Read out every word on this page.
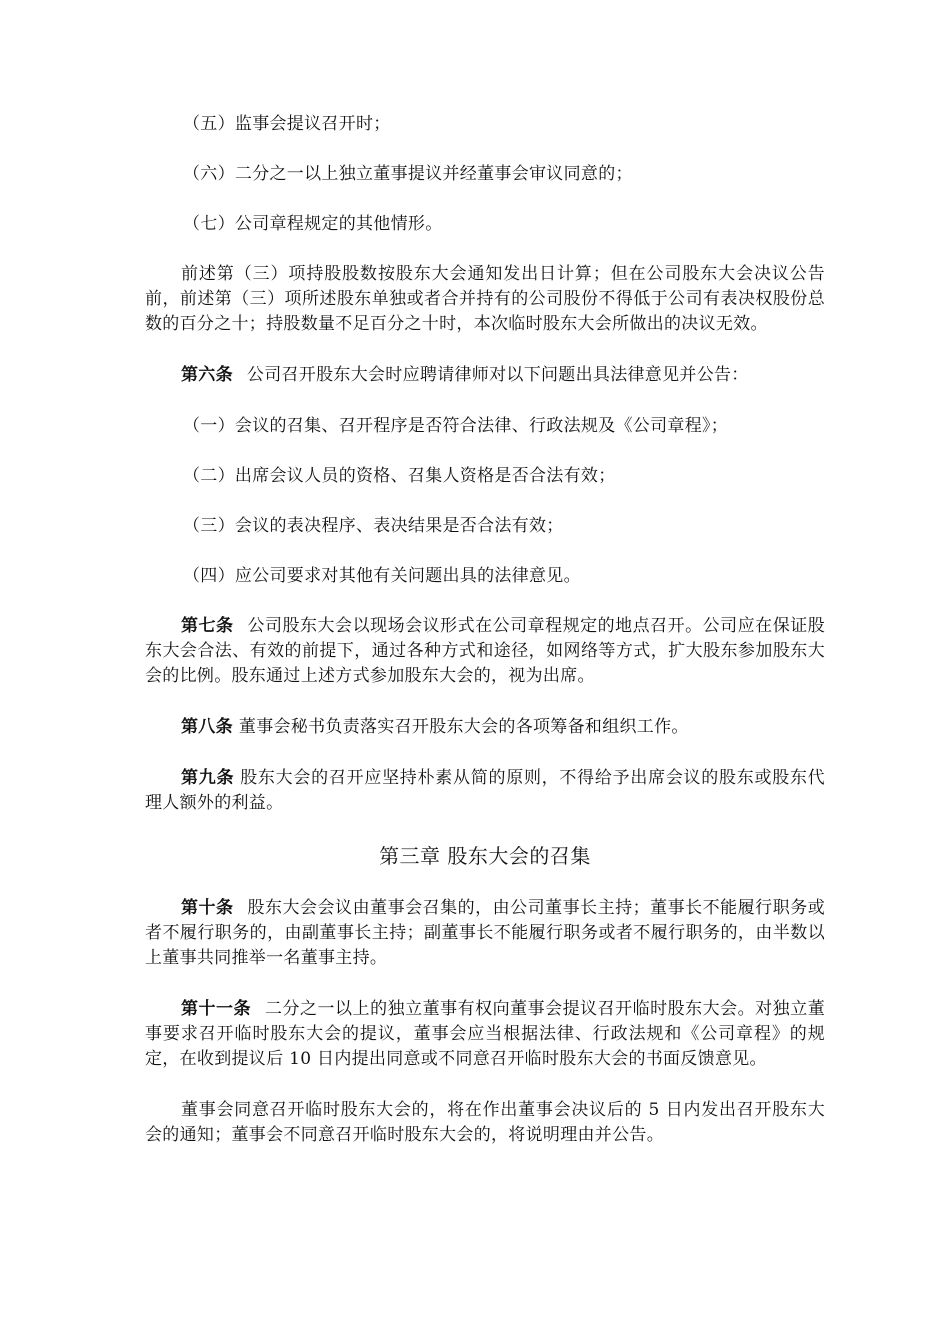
（五）监事会提议召开时；

（六）二分之一以上独立董事提议并经董事会审议同意的；

（七）公司章程规定的其他情形。

前述第（三）项持股股数按股东大会通知发出日计算；但在公司股东大会决议公告前，前述第（三）项所述股东单独或者合并持有的公司股份不得低于公司有表决权股份总数的百分之十；持股数量不足百分之十时，本次临时股东大会所做出的决议无效。

第六条 公司召开股东大会时应聘请律师对以下问题出具法律意见并公告：

（一）会议的召集、召开程序是否符合法律、行政法规及《公司章程》；

（二）出席会议人员的资格、召集人资格是否合法有效；

（三）会议的表决程序、表决结果是否合法有效；

（四）应公司要求对其他有关问题出具的法律意见。

第七条 公司股东大会以现场会议形式在公司章程规定的地点召开。公司应在保证股东大会合法、有效的前提下，通过各种方式和途径，如网络等方式，扩大股东参加股东大会的比例。股东通过上述方式参加股东大会的，视为出席。

第八条 董事会秘书负责落实召开股东大会的各项筹备和组织工作。

第九条 股东大会的召开应坚持朴素从简的原则，不得给予出席会议的股东或股东代理人额外的利益。

第三章 股东大会的召集

第十条 股东大会会议由董事会召集的，由公司董事长主持；董事长不能履行职务或者不履行职务的，由副董事长主持；副董事长不能履行职务或者不履行职务的，由半数以上董事共同推举一名董事主持。

第十一条 二分之一以上的独立董事有权向董事会提议召开临时股东大会。对独立董事要求召开临时股东大会的提议，董事会应当根据法律、行政法规和《公司章程》的规定，在收到提议后 10 日内提出同意或不同意召开临时股东大会的书面反馈意见。

董事会同意召开临时股东大会的，将在作出董事会决议后的 5 日内发出召开股东大会的通知；董事会不同意召开临时股东大会的，将说明理由并公告。
